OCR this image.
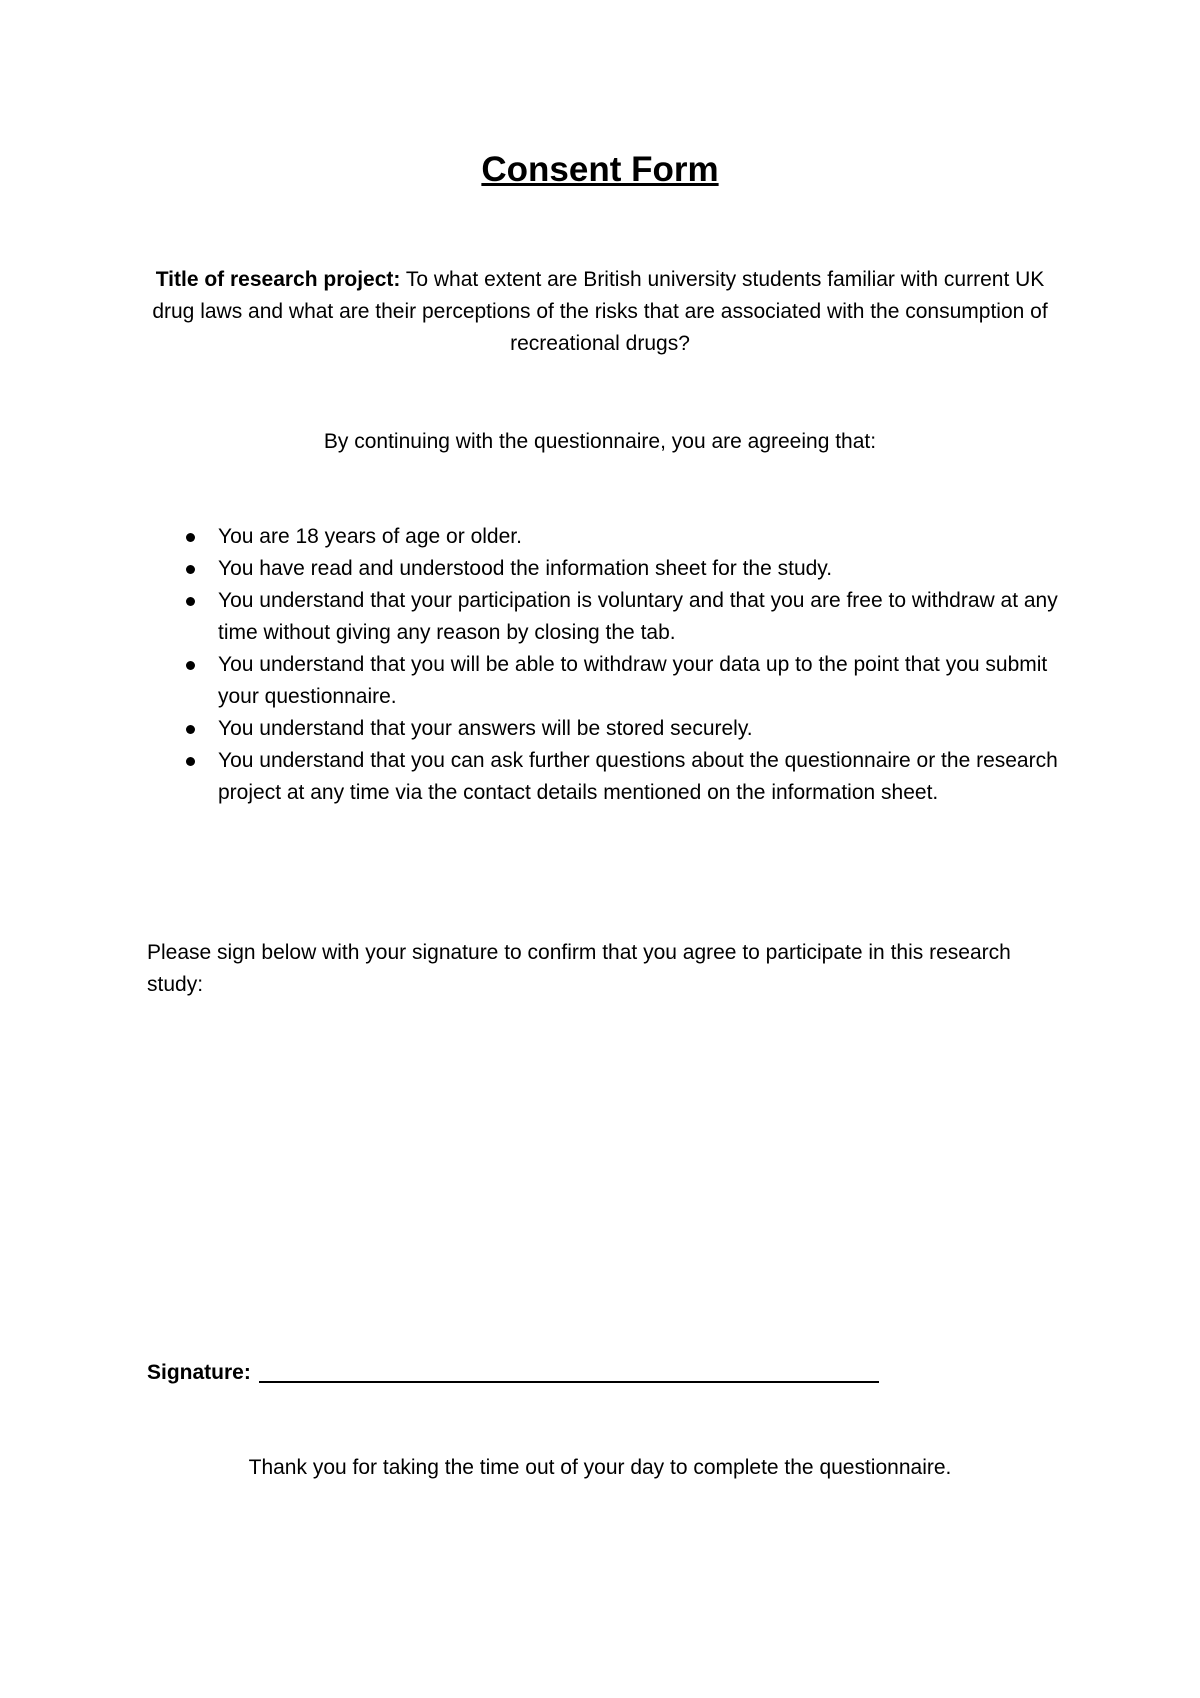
Consent Form

Title of research project: To what extent are British university students familiar with current UK drug laws and what are their perceptions of the risks that are associated with the consumption of recreational drugs?

By continuing with the questionnaire, you are agreeing that:

You are 18 years of age or older.
You have read and understood the information sheet for the study.
You understand that your participation is voluntary and that you are free to withdraw at any time without giving any reason by closing the tab.
You understand that you will be able to withdraw your data up to the point that you submit your questionnaire.
You understand that your answers will be stored securely.
You understand that you can ask further questions about the questionnaire or the research project at any time via the contact details mentioned on the information sheet.

Please sign below with your signature to confirm that you agree to participate in this research study:

Signature:

Thank you for taking the time out of your day to complete the questionnaire.
